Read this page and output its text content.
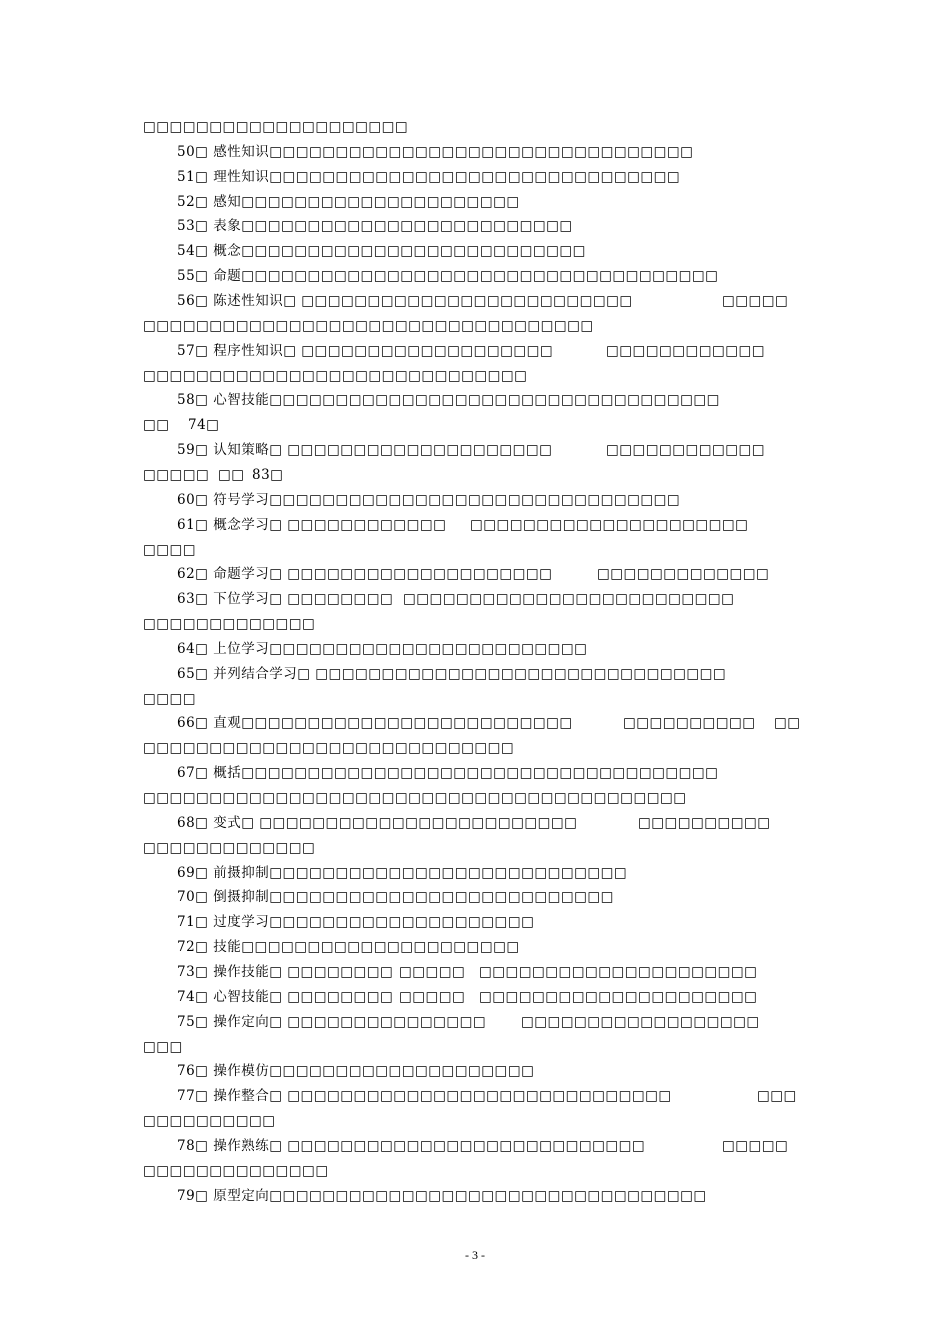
□□□□□□□□□□□□□□□□□□□□
50□ 感性知识□□□□□□□□□□□□□□□□□□□□□□□□□□□□□□□□
51□ 理性知识□□□□□□□□□□□□□□□□□□□□□□□□□□□□□□□
52□ 感知□□□□□□□□□□□□□□□□□□□□□
53□ 表象□□□□□□□□□□□□□□□□□□□□□□□□□
54□ 概念□□□□□□□□□□□□□□□□□□□□□□□□□□
55□ 命题□□□□□□□□□□□□□□□□□□□□□□□□□□□□□□□□□□□□
56□ 陈述性知识□ □□□□□□□□□□□□□□□□□□□□□□□□□	□□□□□
□□□□□□□□□□□□□□□□□□□□□□□□□□□□□□□□□□
57□ 程序性知识□ □□□□□□□□□□□□□□□□□□□	□□□□□□□□□□□□
□□□□□□□□□□□□□□□□□□□□□□□□□□□□□
58□ 心智技能□□□□□□□□□□□□□□□□□□□□□□□□□□□□□□□□□□
□□ 74□
59□ 认知策略□ □□□□□□□□□□□□□□□□□□□□	□□□□□□□□□□□□
□□□□□ □□ 83□
60□ 符号学习□□□□□□□□□□□□□□□□□□□□□□□□□□□□□□□
61□ 概念学习□ □□□□□□□□□□□□ □□□□□□□□□□□□□□□□□□□□□
□□□□
62□ 命题学习□ □□□□□□□□□□□□□□□□□□□□	□□□□□□□□□□□□□
63□ 下位学习□ □□□□□□□□ □□□□□□□□□□□□□□□□□□□□□□□□□
□□□□□□□□□□□□□
64□ 上位学习□□□□□□□□□□□□□□□□□□□□□□□□
65□ 并列结合学习□ □□□□□□□□□□□□□□□□□□□□□□□□□□□□□□□
□□□□
66□ 直观□□□□□□□□□□□□□□□□□□□□□□□□□	□□□□□□□□□□ □□
□□□□□□□□□□□□□□□□□□□□□□□□□□□□
67□ 概括□□□□□□□□□□□□□□□□□□□□□□□□□□□□□□□□□□□□
□□□□□□□□□□□□□□□□□□□□□□□□□□□□□□□□□□□□□□□□□
68□ 变式□ □□□□□□□□□□□□□□□□□□□□□□□□	□□□□□□□□□□
□□□□□□□□□□□□□
69□ 前摄抑制□□□□□□□□□□□□□□□□□□□□□□□□□□□
70□ 倒摄抑制□□□□□□□□□□□□□□□□□□□□□□□□□□
71□ 过度学习□□□□□□□□□□□□□□□□□□□□
72□ 技能□□□□□□□□□□□□□□□□□□□□□
73□ 操作技能□ □□□□□□□□ □□□□□ □□□□□□□□□□□□□□□□□□□□□
74□ 心智技能□ □□□□□□□□ □□□□□ □□□□□□□□□□□□□□□□□□□□□
75□ 操作定向□ □□□□□□□□□□□□□□□	□□□□□□□□□□□□□□□□□□
□□□
76□ 操作模仿□□□□□□□□□□□□□□□□□□□□
77□ 操作整合□ □□□□□□□□□□□□□□□□□□□□□□□□□□□□□	□□□
□□□□□□□□□□
78□ 操作熟练□ □□□□□□□□□□□□□□□□□□□□□□□□□□□	□□□□□
□□□□□□□□□□□□□□
79□ 原型定向□□□□□□□□□□□□□□□□□□□□□□□□□□□□□□□□□
- 3 -
